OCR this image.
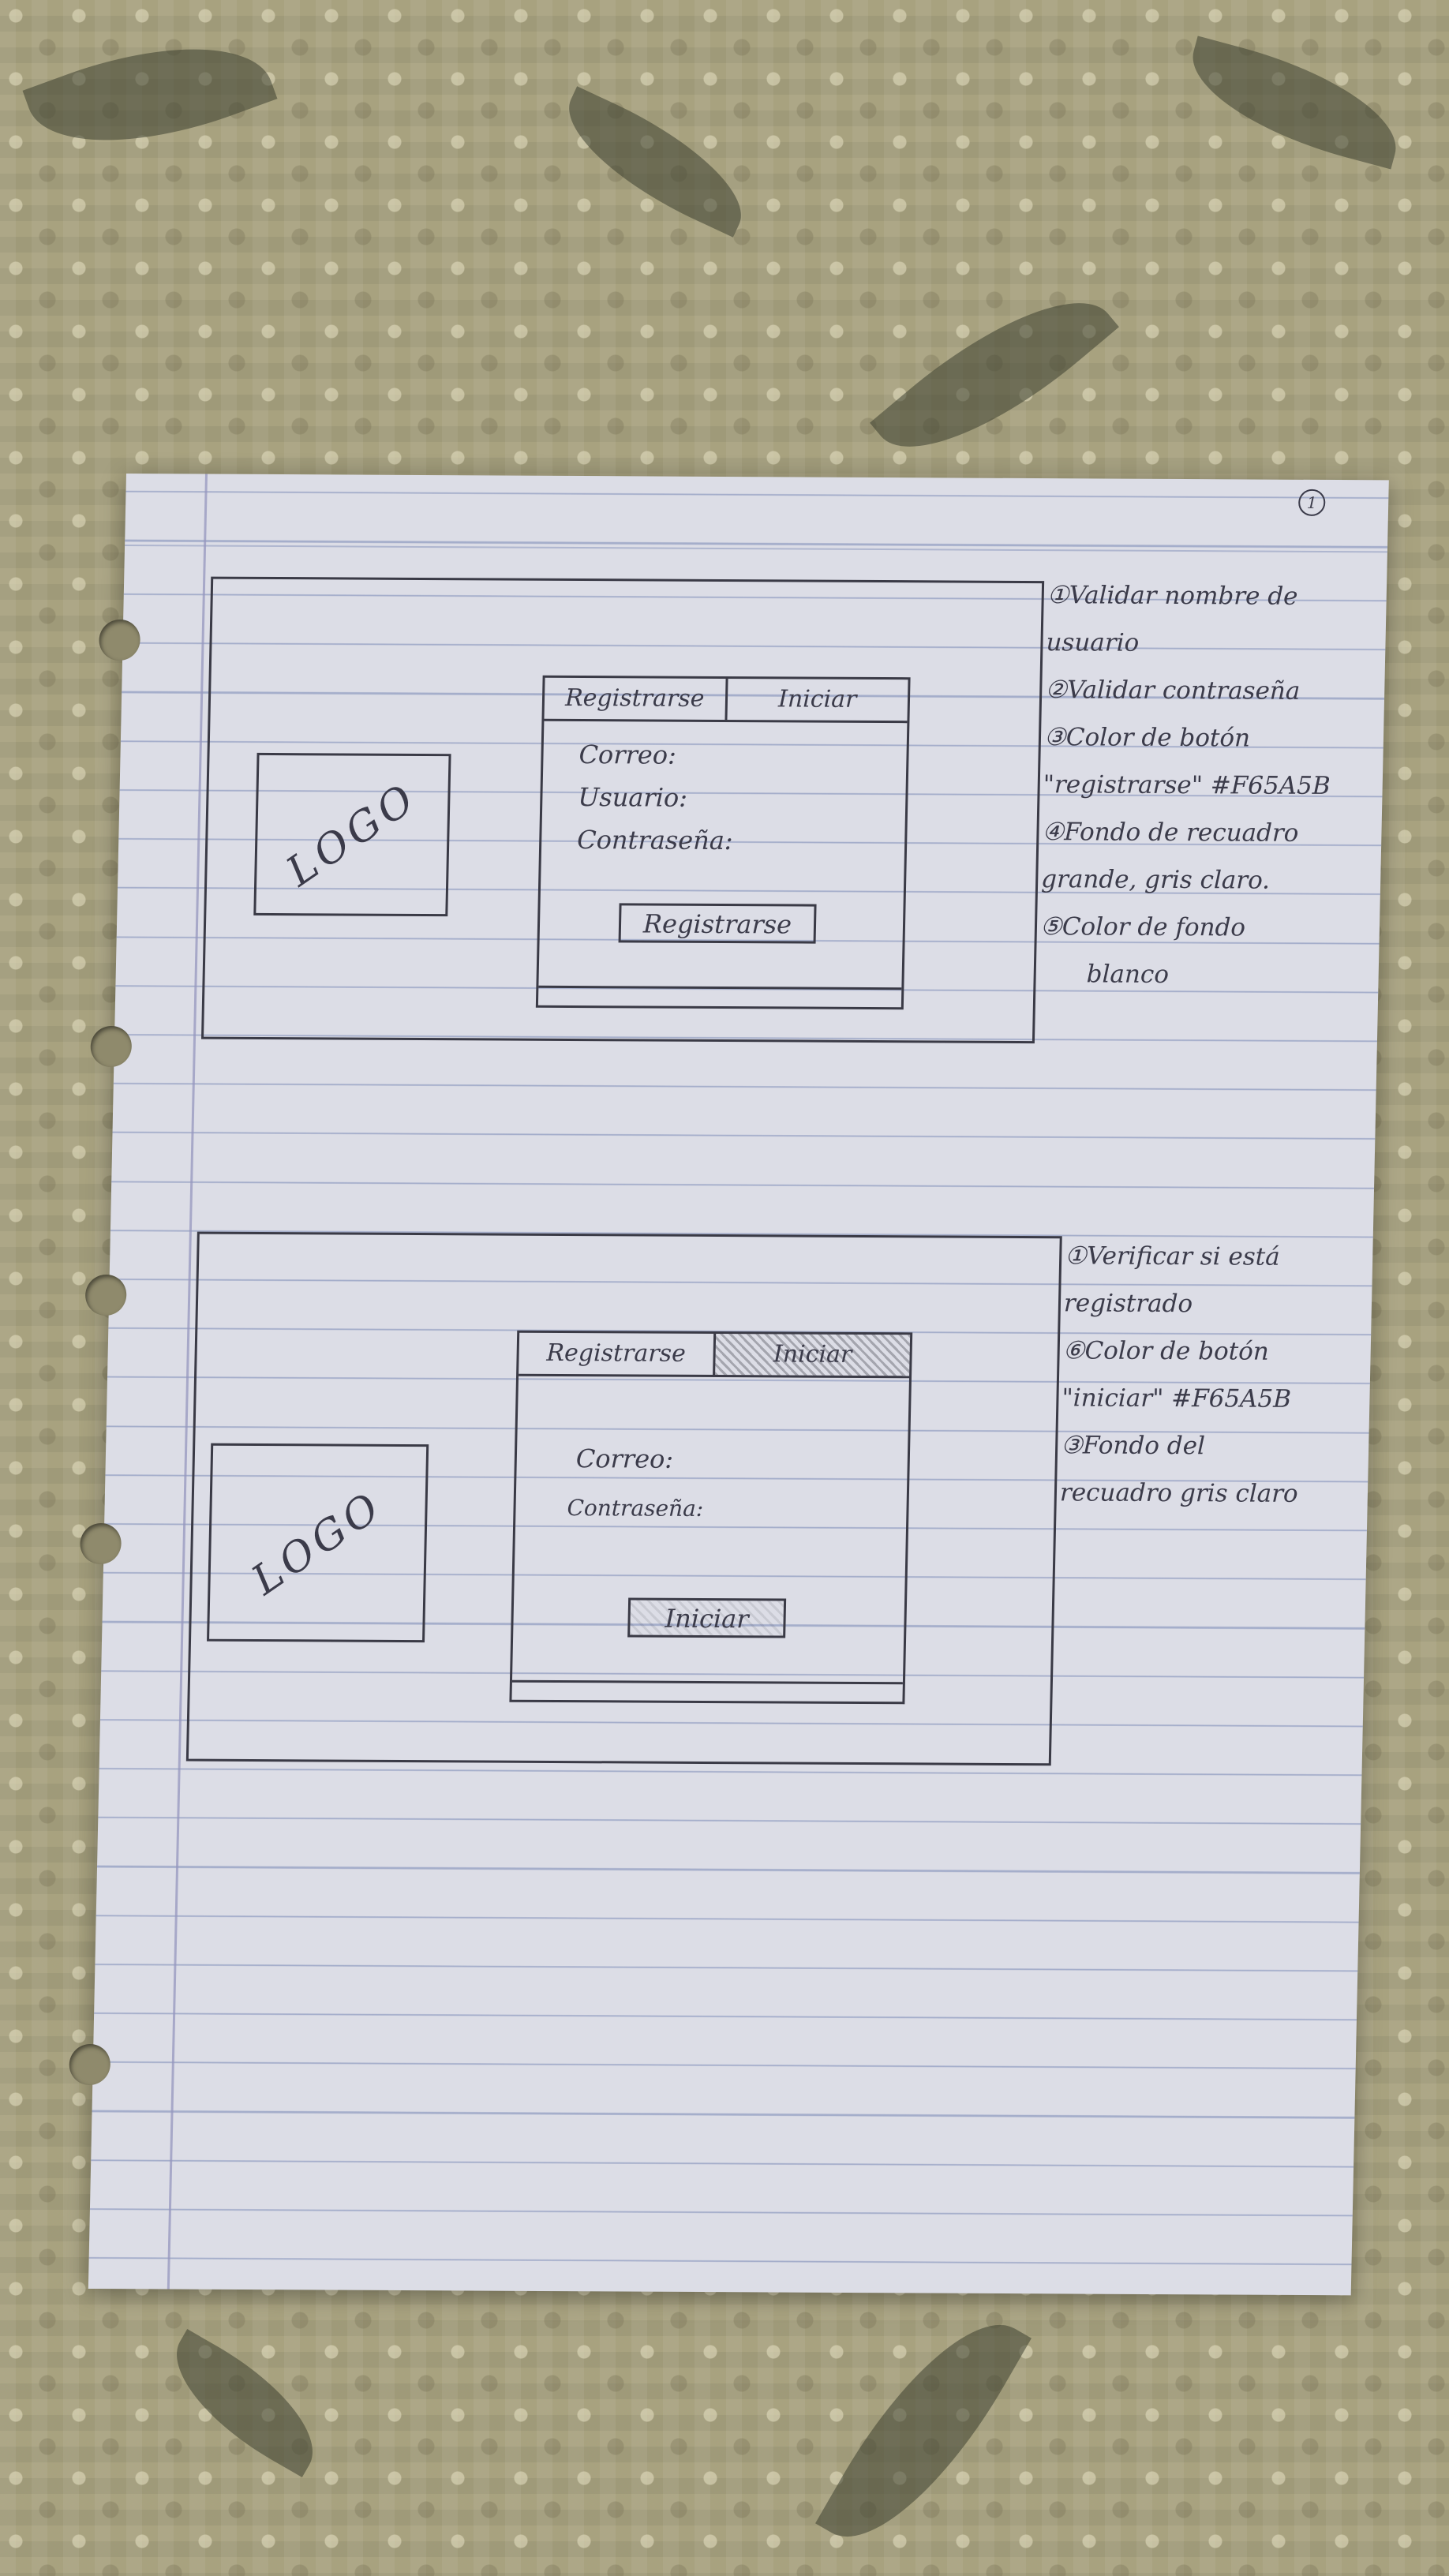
1
LOGO
Registrarse	Iniciar
Correo:
Usuario:
Contraseña:
Registrarse
①Validar nombre de
usuario
②Validar contraseña
③Color de botón
"registrarse" #F65A5B
④Fondo de recuadro
grande, gris claro.
⑤Color de fondo
blanco
LOGO
Registrarse	Iniciar
Correo:
Contraseña:
Iniciar
①Verificar si está
registrado
⑥Color de botón
"iniciar" #F65A5B
③Fondo del
recuadro gris claro
